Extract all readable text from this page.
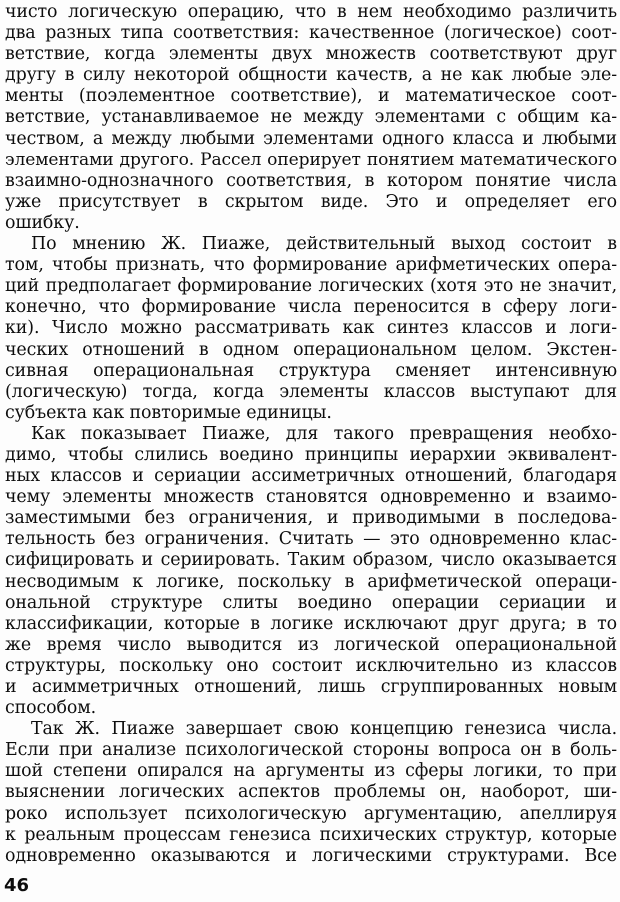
чисто логическую операцию, что в нем необходимо различить
два разных типа соответствия: качественное (логическое) соот-
ветствие, когда элементы двух множеств соответствуют друг
другу в силу некоторой общности качеств, а не как любые эле-
менты (поэлементное соответствие), и математическое соот-
ветствие, устанавливаемое не между элементами с общим ка-
чеством, а между любыми элементами одного класса и любыми
элементами другого. Рассел оперирует понятием математического
взаимно-однозначного соответствия, в котором понятие числа
уже присутствует в скрытом виде. Это и определяет его
ошибку.
По мнению Ж. Пиаже, действительный выход состоит в
том, чтобы признать, что формирование арифметических опера-
ций предполагает формирование логических (хотя это не значит,
конечно, что формирование числа переносится в сферу логи-
ки). Число можно рассматривать как синтез классов и логи-
ческих отношений в одном операциональном целом. Экстен-
сивная операциональная структура сменяет интенсивную
(логическую) тогда, когда элементы классов выступают для
субъекта как повторимые единицы.
Как показывает Пиаже, для такого превращения необхо-
димо, чтобы слились воедино принципы иерархии эквивалент-
ных классов и сериации ассиметричных отношений, благодаря
чему элементы множеств становятся одновременно и взаимо-
заместимыми без ограничения, и приводимыми в последова-
тельность без ограничения. Считать — это одновременно клас-
сифицировать и сериировать. Таким образом, число оказывается
несводимым к логике, поскольку в арифметической операци-
ональной структуре слиты воедино операции сериации и
классификации, которые в логике исключают друг друга; в то
же время число выводится из логической операциональной
структуры, поскольку оно состоит исключительно из классов
и асимметричных отношений, лишь сгруппированных новым
способом.
Так Ж. Пиаже завершает свою концепцию генезиса числа.
Если при анализе психологической стороны вопроса он в боль-
шой степени опирался на аргументы из сферы логики, то при
выяснении логических аспектов проблемы он, наоборот, ши-
роко использует психологическую аргументацию, апеллируя
к реальным процессам генезиса психических структур, которые
одновременно оказываются и логическими структурами. Все
46
